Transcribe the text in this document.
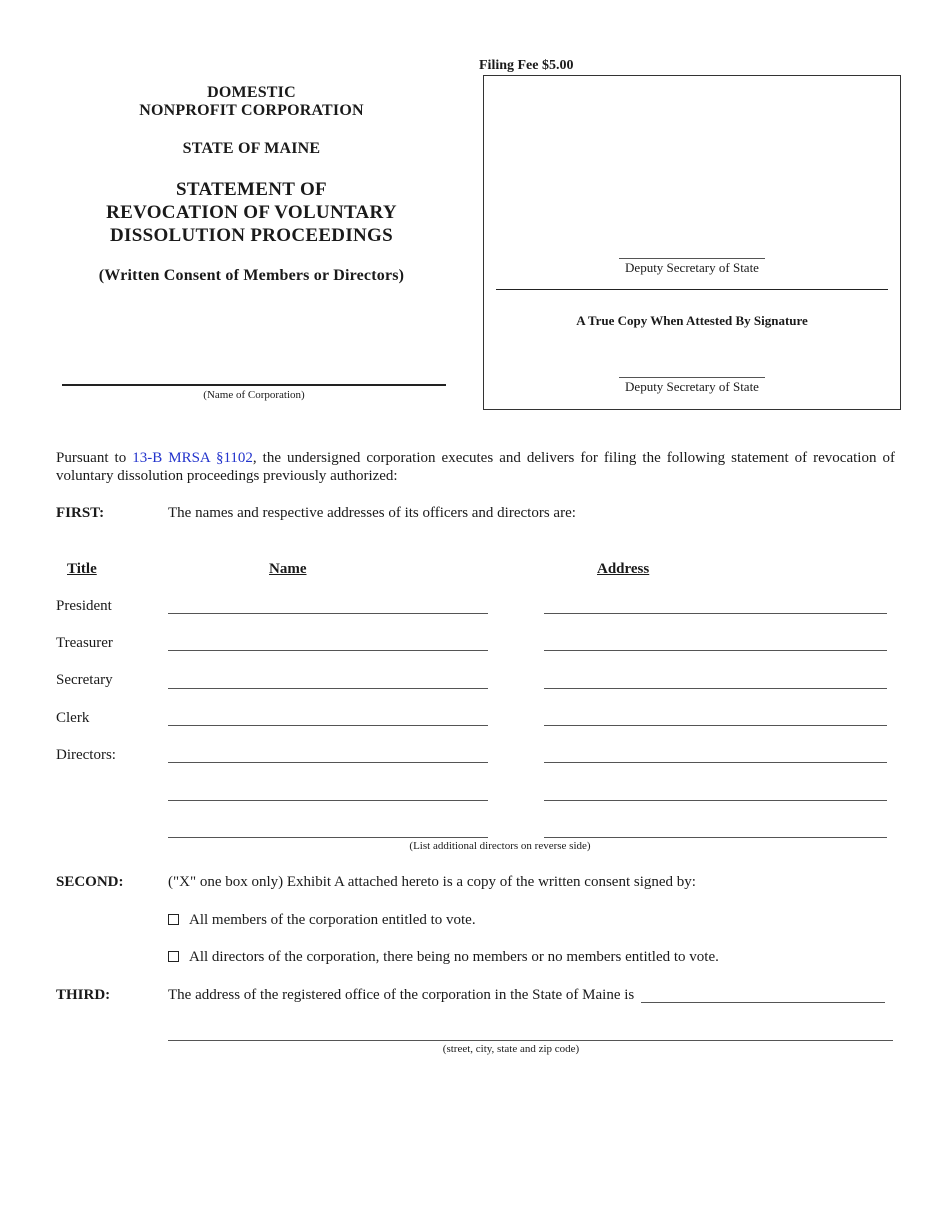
Filing Fee $5.00
DOMESTIC
NONPROFIT CORPORATION
STATE OF MAINE
STATEMENT OF
REVOCATION OF VOLUNTARY
DISSOLUTION PROCEEDINGS
(Written Consent of Members or Directors)
(Name of Corporation)
Deputy Secretary of State
A True Copy When Attested By Signature
Deputy Secretary of State
Pursuant to 13-B MRSA §1102, the undersigned corporation executes and delivers for filing the following statement of revocation of voluntary dissolution proceedings previously authorized:
FIRST:	The names and respective addresses of its officers and directors are:
Title	Name	Address
President
Treasurer
Secretary
Clerk
Directors:
(List additional directors on reverse side)
SECOND:	("X" one box only) Exhibit A attached hereto is a copy of the written consent signed by:
All members of the corporation entitled to vote.
All directors of the corporation, there being no members or no members entitled to vote.
THIRD:	The address of the registered office of the corporation in the State of Maine is
(street, city, state and zip code)
